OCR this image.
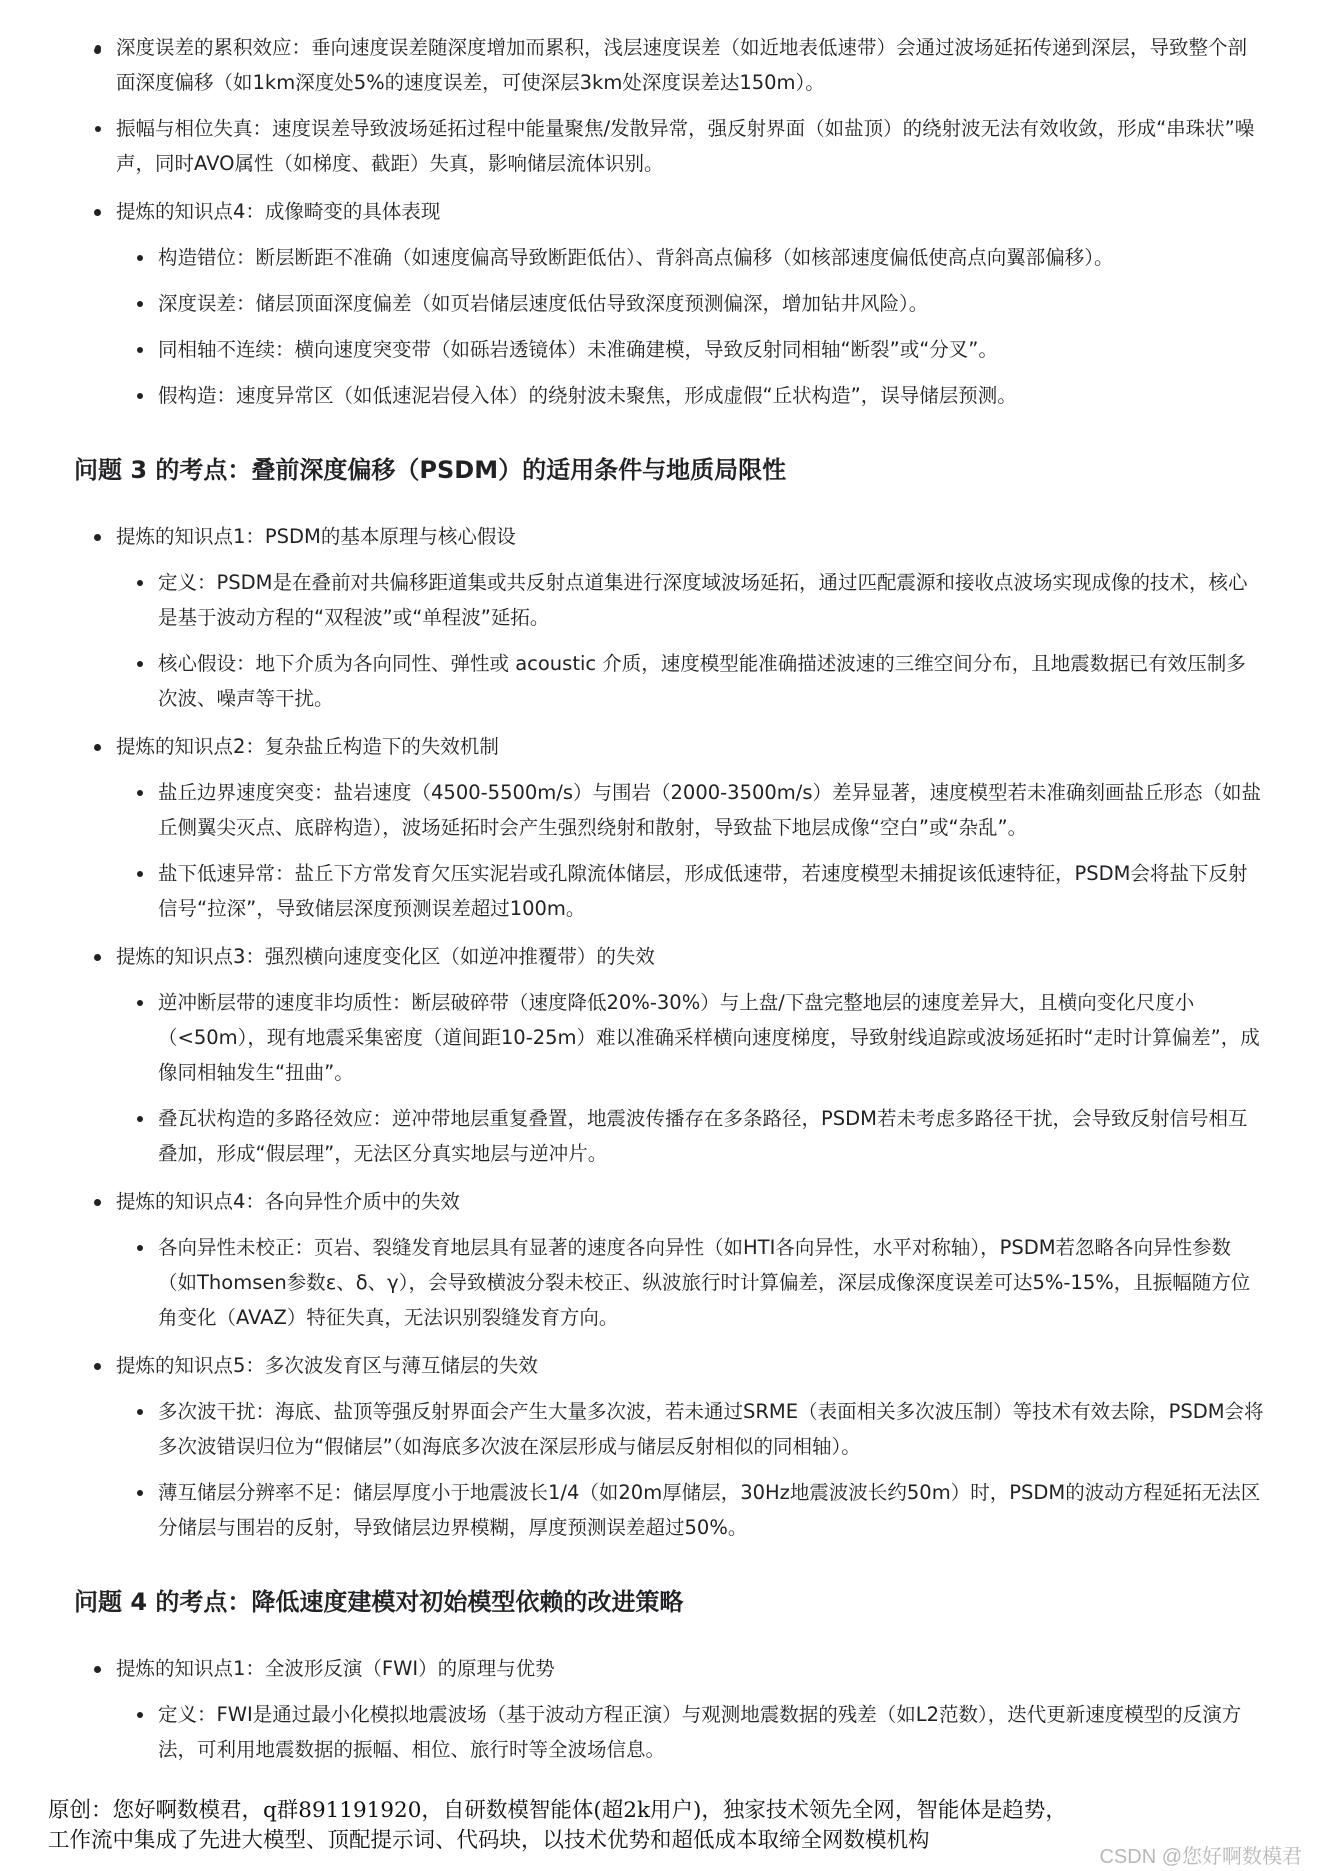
深度误差的累积效应：垂向速度误差随深度增加而累积，浅层速度误差（如近地表低速带）会通过波场延拓传递到深层，导致整个剖面深度偏移（如1km深度处5%的速度误差，可使深层3km处深度误差达150m）。
振幅与相位失真：速度误差导致波场延拓过程中能量聚焦/发散异常，强反射界面（如盐顶）的绕射波无法有效收敛，形成“串珠状”噪声，同时AVO属性（如梯度、截距）失真，影响储层流体识别。
提炼的知识点4：成像畸变的具体表现
构造错位：断层断距不准确（如速度偏高导致断距低估）、背斜高点偏移（如核部速度偏低使高点向翼部偏移）。
深度误差：储层顶面深度偏差（如页岩储层速度低估导致深度预测偏深，增加钻井风险）。
同相轴不连续：横向速度突变带（如砾岩透镜体）未准确建模，导致反射同相轴“断裂”或“分叉”。
假构造：速度异常区（如低速泥岩侵入体）的绕射波未聚焦，形成虚假“丘状构造”，误导储层预测。
问题 3 的考点：叠前深度偏移（PSDM）的适用条件与地质局限性
提炼的知识点1：PSDM的基本原理与核心假设
定义：PSDM是在叠前对共偏移距道集或共反射点道集进行深度域波场延拓，通过匹配震源和接收点波场实现成像的技术，核心是基于波动方程的“双程波”或“单程波”延拓。
核心假设：地下介质为各向同性、弹性或 acoustic 介质，速度模型能准确描述波速的三维空间分布，且地震数据已有效压制多次波、噪声等干扰。
提炼的知识点2：复杂盐丘构造下的失效机制
盐丘边界速度突变：盐岩速度（4500-5500m/s）与围岩（2000-3500m/s）差异显著，速度模型若未准确刻画盐丘形态（如盐丘侧翼尖灭点、底辟构造），波场延拓时会产生强烈绕射和散射，导致盐下地层成像“空白”或“杂乱”。
盐下低速异常：盐丘下方常发育欠压实泥岩或孔隙流体储层，形成低速带，若速度模型未捕捉该低速特征，PSDM会将盐下反射信号“拉深”，导致储层深度预测误差超过100m。
提炼的知识点3：强烈横向速度变化区（如逆冲推覆带）的失效
逆冲断层带的速度非均质性：断层破碎带（速度降低20%-30%）与上盘/下盘完整地层的速度差异大，且横向变化尺度小（<50m），现有地震采集密度（道间距10-25m）难以准确采样横向速度梯度，导致射线追踪或波场延拓时“走时计算偏差”，成像同相轴发生“扭曲”。
叠瓦状构造的多路径效应：逆冲带地层重复叠置，地震波传播存在多条路径，PSDM若未考虑多路径干扰，会导致反射信号相互叠加，形成“假层理”，无法区分真实地层与逆冲片。
提炼的知识点4：各向异性介质中的失效
各向异性未校正：页岩、裂缝发育地层具有显著的速度各向异性（如HTI各向异性，水平对称轴），PSDM若忽略各向异性参数（如Thomsen参数ε、δ、γ），会导致横波分裂未校正、纵波旅行时计算偏差，深层成像深度误差可达5%-15%，且振幅随方位角变化（AVAZ）特征失真，无法识别裂缝发育方向。
提炼的知识点5：多次波发育区与薄互储层的失效
多次波干扰：海底、盐顶等强反射界面会产生大量多次波，若未通过SRME（表面相关多次波压制）等技术有效去除，PSDM会将多次波错误归位为“假储层”（如海底多次波在深层形成与储层反射相似的同相轴）。
薄互储层分辨率不足：储层厚度小于地震波长1/4（如20m厚储层，30Hz地震波波长约50m）时，PSDM的波动方程延拓无法区分储层与围岩的反射，导致储层边界模糊，厚度预测误差超过50%。
问题 4 的考点：降低速度建模对初始模型依赖的改进策略
提炼的知识点1：全波形反演（FWI）的原理与优势
定义：FWI是通过最小化模拟地震波场（基于波动方程正演）与观测地震数据的残差（如L2范数），迭代更新速度模型的反演方法，可利用地震数据的振幅、相位、旅行时等全波场信息。
原创：您好啊数模君，q群891191920，自研数模智能体(超2k用户)，独家技术领先全网，智能体是趋势，
工作流中集成了先进大模型、顶配提示词、代码块，以技术优势和超低成本取缔全网数模机构
CSDN @您好啊数模君
